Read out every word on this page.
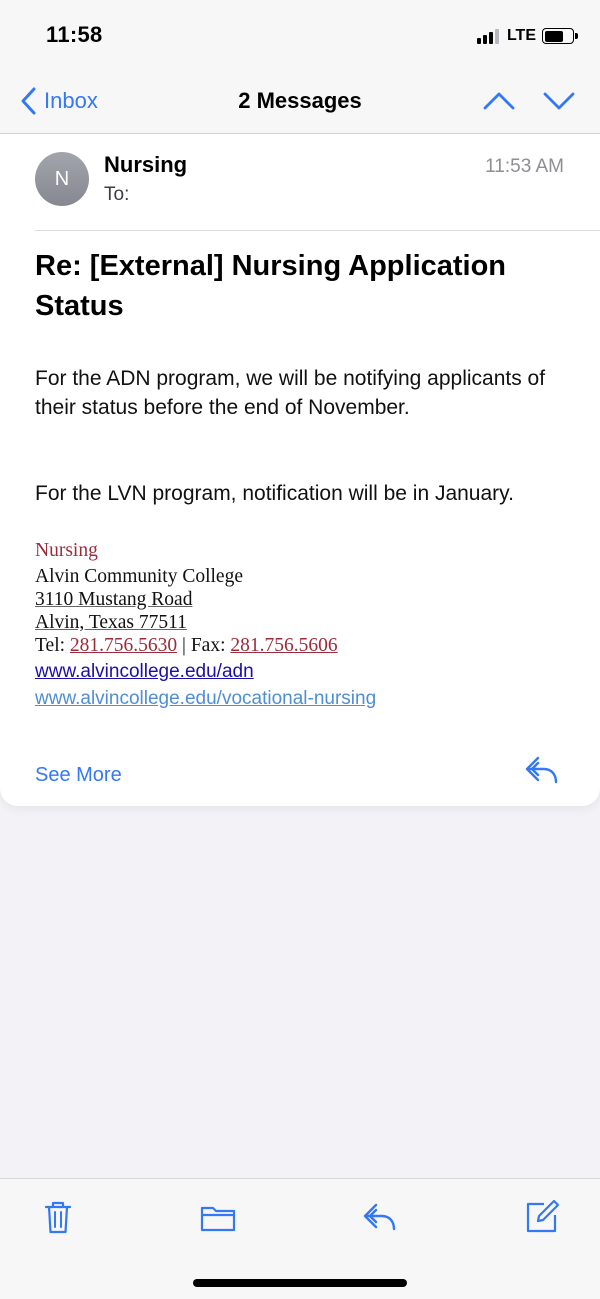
11:58	LTE
Inbox	2 Messages
N
Nursing
To:
11:53 AM
Re: [External] Nursing Application Status
For the ADN program, we will be notifying applicants of their status before the end of November.
For the LVN program, notification will be in January.
Nursing
Alvin Community College
3110 Mustang Road
Alvin, Texas 77511
Tel: 281.756.5630 | Fax: 281.756.5606
www.alvincollege.edu/adn
www.alvincollege.edu/vocational-nursing
See More
